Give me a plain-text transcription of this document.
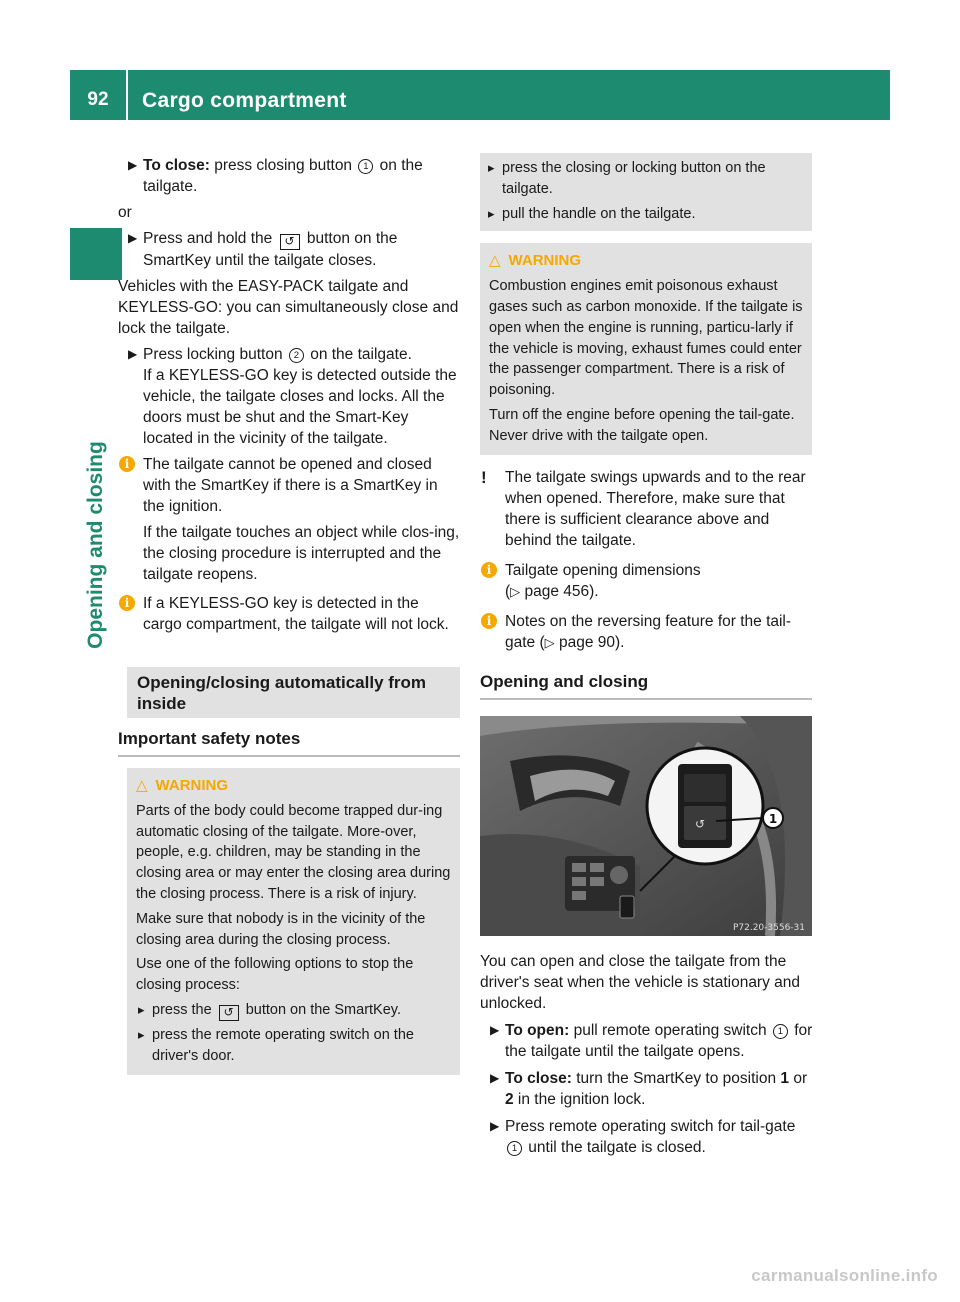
92	Cargo compartment
Opening and closing

▶ To close: press closing button 1 on the tailgate.

or

▶ Press and hold the ↺ button on the SmartKey until the tailgate closes.

Vehicles with the EASY-PACK tailgate and KEYLESS-GO: you can simultaneously close and lock the tailgate.

▶ Press locking button 2 on the tailgate.
If a KEYLESS-GO key is detected outside the vehicle, the tailgate closes and locks. All the doors must be shut and the Smart-Key located in the vicinity of the tailgate.

i The tailgate cannot be opened and closed with the SmartKey if there is a SmartKey in the ignition.

If the tailgate touches an object while clos-ing, the closing procedure is interrupted and the tailgate reopens.

i If a KEYLESS-GO key is detected in the cargo compartment, the tailgate will not lock.

Opening/closing automatically from inside
Important safety notes
△ WARNING

Parts of the body could become trapped dur-ing automatic closing of the tailgate. More-over, people, e.g. children, may be standing in the closing area or may enter the closing area during the closing process. There is a risk of injury.

Make sure that nobody is in the vicinity of the closing area during the closing process.

Use one of the following options to stop the closing process:

▸ press the ↺ button on the SmartKey.

▸ press the remote operating switch on the driver's door.

▸ press the closing or locking button on the tailgate.

▸ pull the handle on the tailgate.

△ WARNING

Combustion engines emit poisonous exhaust gases such as carbon monoxide. If the tailgate is open when the engine is running, particu-larly if the vehicle is moving, exhaust fumes could enter the passenger compartment. There is a risk of poisoning.

Turn off the engine before opening the tail-gate. Never drive with the tailgate open.

! The tailgate swings upwards and to the rear when opened. Therefore, make sure that there is sufficient clearance above and behind the tailgate.

i Tailgate opening dimensions
(▷ page 456).

i Notes on the reversing feature for the tail-gate (▷ page 90).

Opening and closing
↺	1
P72.20-3556-31

You can open and close the tailgate from the driver's seat when the vehicle is stationary and unlocked.

▶ To open: pull remote operating switch 1 for the tailgate until the tailgate opens.

▶ To close: turn the SmartKey to position 1 or 2 in the ignition lock.

▶ Press remote operating switch for tail-gate 1 until the tailgate is closed.

carmanualsonline.info
